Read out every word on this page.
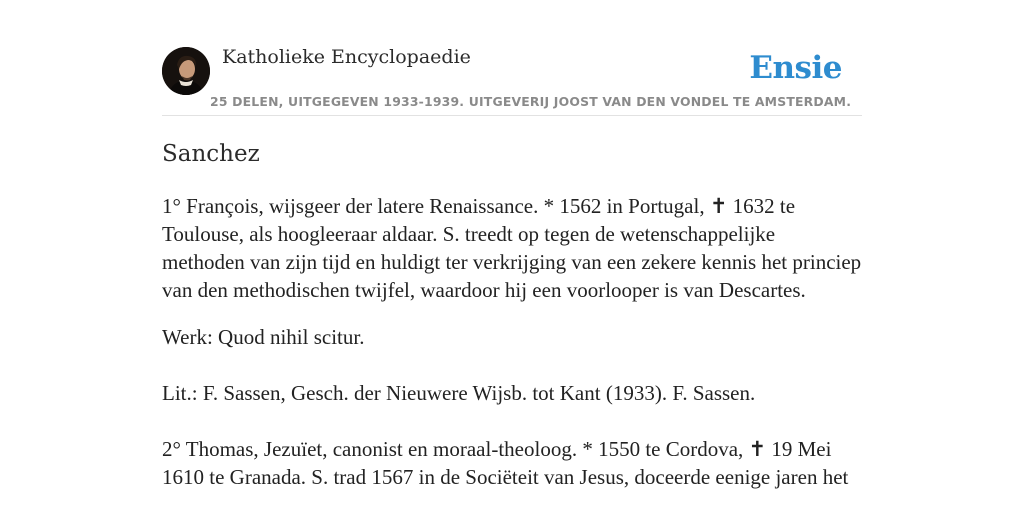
Katholieke Encyclopaedie	Ensie
25 DELEN, UITGEGEVEN 1933-1939. UITGEVERIJ JOOST VAN DEN VONDEL TE AMSTERDAM.
Sanchez

1° François, wijsgeer der latere Renaissance. * 1562 in Portugal, ✝ 1632 te Toulouse, als hoogleeraar aldaar. S. treedt op tegen de wetenschappelijke methoden van zijn tijd en huldigt ter verkrijging van een zekere kennis het princiep van den methodischen twijfel, waardoor hij een voorlooper is van Descartes.

Werk: Quod nihil scitur.

Lit.: F. Sassen, Gesch. der Nieuwere Wijsb. tot Kant (1933). F. Sassen.

2° Thomas, Jezuïet, canonist en moraal-theoloog. * 1550 te Cordova, ✝ 19 Mei 1610 te Granada. S. trad 1567 in de Sociëteit van Jesus, doceerde eenige jaren het
